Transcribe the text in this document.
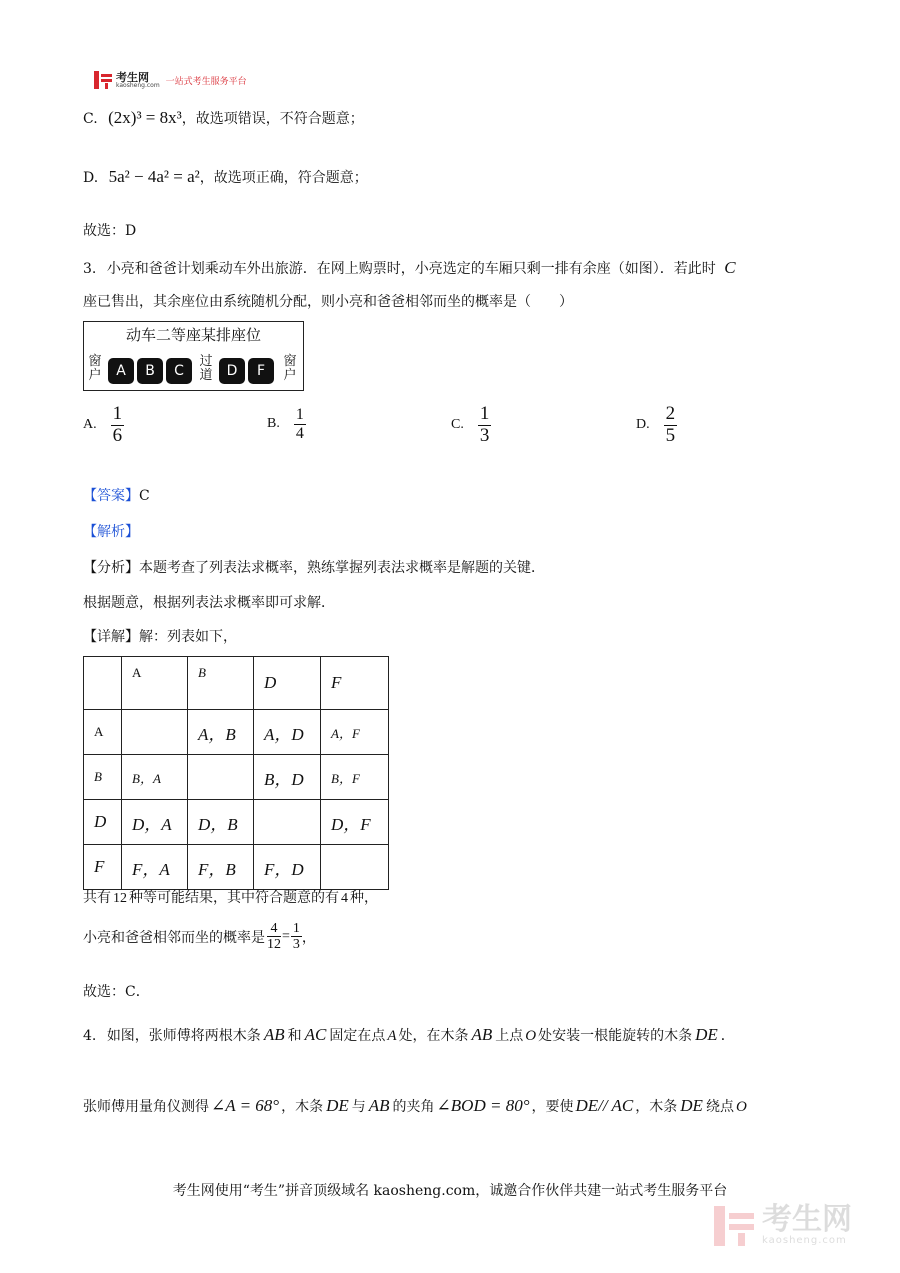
考生网
kaosheng.com 一站式考生服务平台
C. (2x)³ = 8x³，故选项错误，不符合题意；
D. 5a² − 4a² = a²，故选项正确，符合题意；
故选：D
3. 小亮和爸爸计划乘动车外出旅游．在网上购票时，小亮选定的车厢只剩一排有余座（如图）．若此时 C
座已售出，其余座位由系统随机分配，则小亮和爸爸相邻而坐的概率是（　　）
动车二等座某排座位
窗
户	A	B	C
过
道	D	F
窗
户
A. $\frac{1}{6}$	B. $\frac{1}{4}$	C. $\frac{1}{3}$	D. $\frac{2}{5}$
【答案】C
【解析】
【分析】本题考查了列表法求概率，熟练掌握列表法求概率是解题的关键．
根据题意，根据列表法求概率即可求解．
【详解】解：列表如下，
	A	B	D	F
A		A，B	A，D	A，F
B	B，A		B，D	B，F
D	D，A	D，B		D，F
F	F，A	F，B	F，D	
共有 12 种等可能结果，其中符合题意的有 4 种，
小亮和爸爸相邻而坐的概率是 $\frac{4}{12} = \frac{1}{3}$ ，
故选：C．
4. 如图，张师傅将两根木条 AB 和 AC 固定在点 A 处，在木条 AB 上点 O 处安装一根能旋转的木条 DE ．
张师傅用量角仪测得 ∠A = 68° ，木条 DE 与 AB 的夹角 ∠BOD = 80° ，要使 DE// AC ，木条 DE 绕点 O
考生网使用“考生”拼音顶级域名 kaosheng.com，诚邀合作伙伴共建一站式考生服务平台
考生网
kaosheng.com
